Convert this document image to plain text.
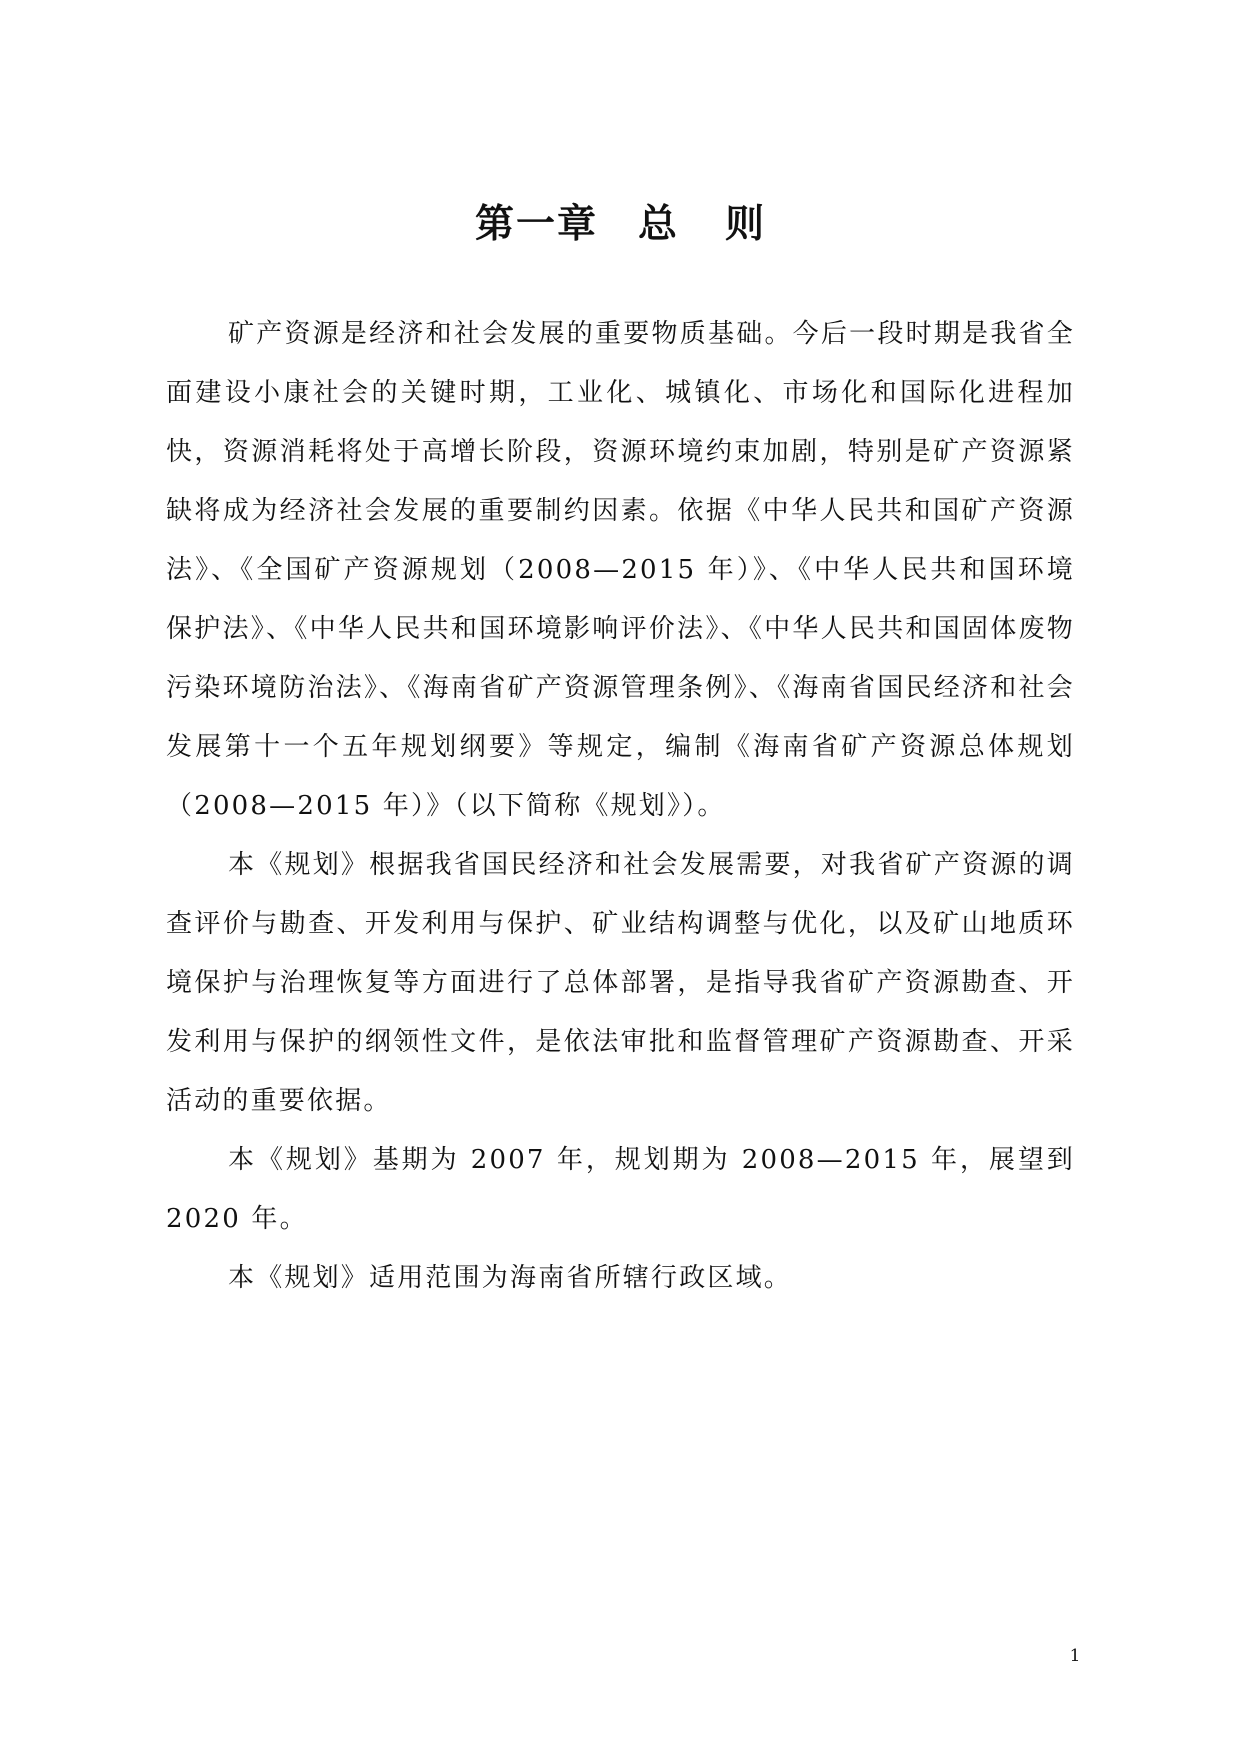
第一章 总 则

矿产资源是经济和社会发展的重要物质基础。今后一段时期是我省全面建设小康社会的关键时期，工业化、城镇化、市场化和国际化进程加快，资源消耗将处于高增长阶段，资源环境约束加剧，特别是矿产资源紧缺将成为经济社会发展的重要制约因素。依据《中华人民共和国矿产资源法》、《全国矿产资源规划（2008—2015 年）》、《中华人民共和国环境保护法》、《中华人民共和国环境影响评价法》、《中华人民共和国固体废物污染环境防治法》、《海南省矿产资源管理条例》、《海南省国民经济和社会发展第十一个五年规划纲要》等规定，编制《海南省矿产资源总体规划（2008—2015 年）》（以下简称《规划》）。

本《规划》根据我省国民经济和社会发展需要，对我省矿产资源的调查评价与勘查、开发利用与保护、矿业结构调整与优化，以及矿山地质环境保护与治理恢复等方面进行了总体部署，是指导我省矿产资源勘查、开发利用与保护的纲领性文件，是依法审批和监督管理矿产资源勘查、开采活动的重要依据。

本《规划》基期为 2007 年，规划期为 2008—2015 年，展望到 2020 年。

本《规划》适用范围为海南省所辖行政区域。

1
